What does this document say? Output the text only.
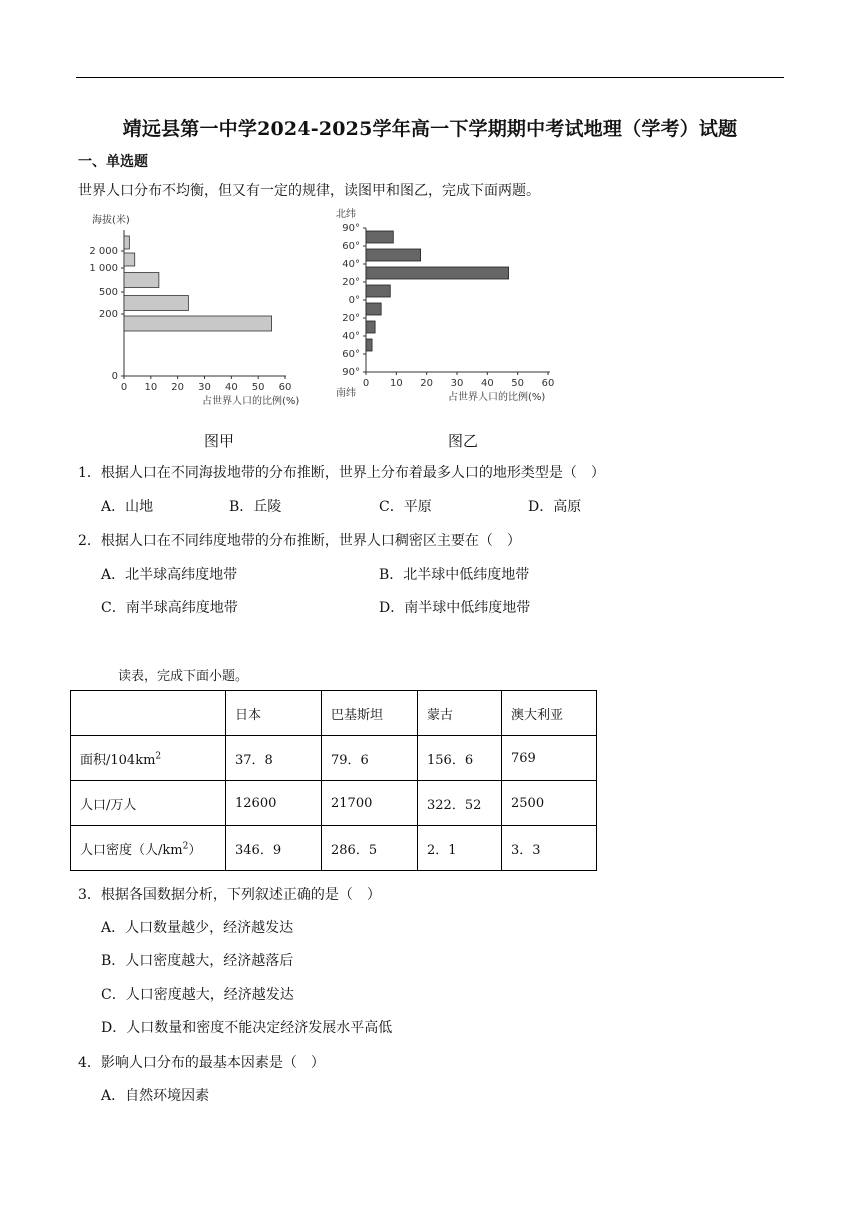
靖远县第一中学2024-2025学年高一下学期期中考试地理（学考）试题
一、单选题
世界人口分布不均衡，但又有一定的规律，读图甲和图乙，完成下面两题。
海拔(米)
2 000
1 000
500
200
0
0 10 20 30 40 50 60
占世界人口的比例(%)
图甲
北纬
90°
60°
40°
20°
0°
20°
40°
60°
90°
0 10 20 30 40 50 60
南纬	占世界人口的比例(%)
图乙
1．根据人口在不同海拔地带的分布推断，世界上分布着最多人口的地形类型是（　）
A．山地	B．丘陵	C．平原	D．高原
2．根据人口在不同纬度地带的分布推断，世界人口稠密区主要在（　）
A．北半球高纬度地带	B．北半球中低纬度地带
C．南半球高纬度地带	D．南半球中低纬度地带
读表，完成下面小题。
	日本	巴基斯坦	蒙古	澳大利亚
面积$/104km^2$	37．8	79．6	156．6	769
人口/万人	12600	21700	322．52	2500
人口密度（人$/km^2$）	346．9	286．5	2．1	3．3
3．根据各国数据分析，下列叙述正确的是（　）
A．人口数量越少，经济越发达
B．人口密度越大，经济越落后
C．人口密度越大，经济越发达
D．人口数量和密度不能决定经济发展水平高低
4．影响人口分布的最基本因素是（　）
A．自然环境因素
